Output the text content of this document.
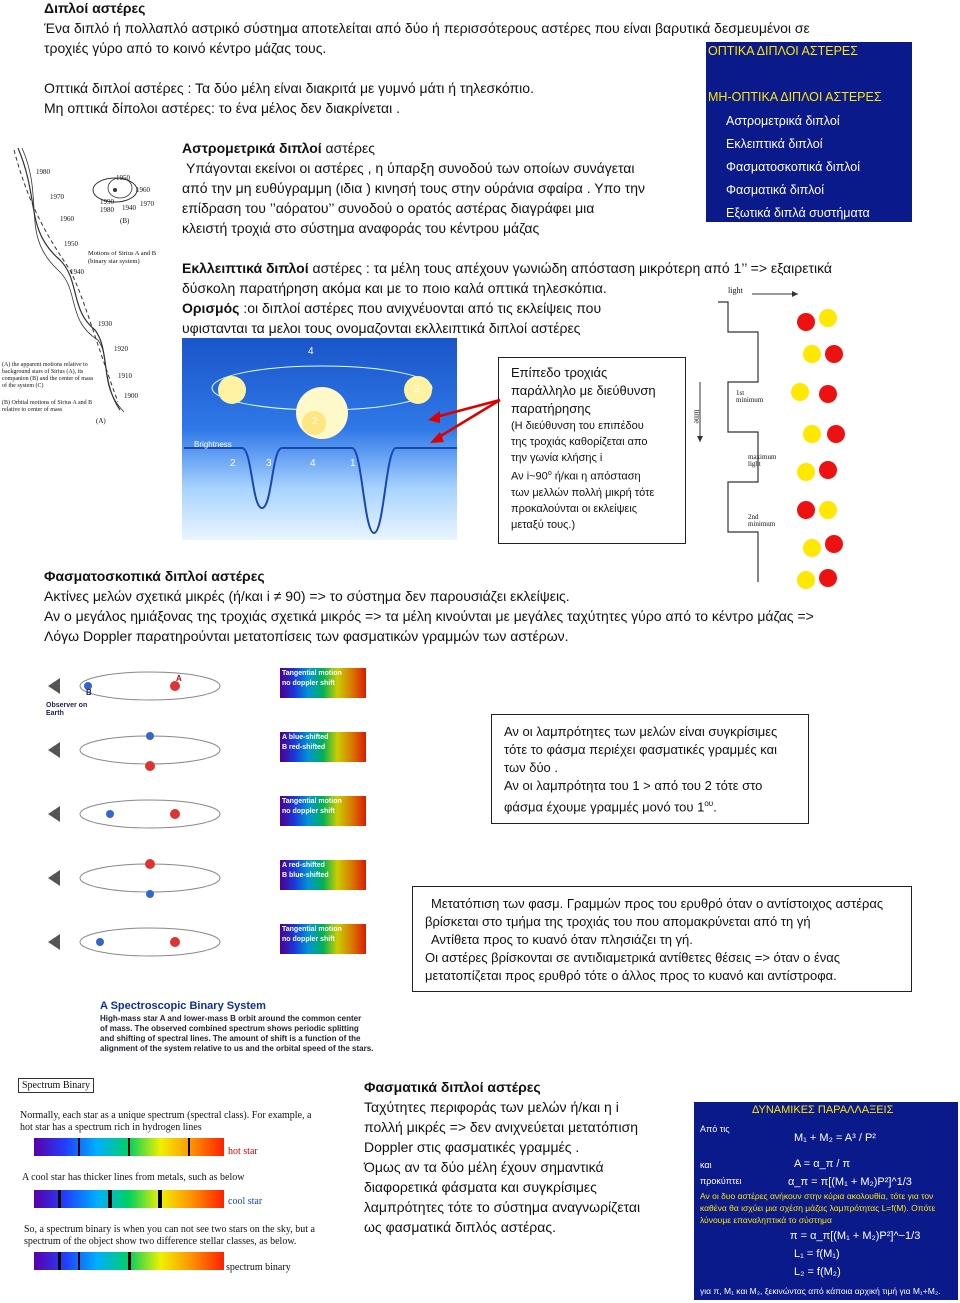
Διπλοί αστέρες
Ένα διπλό ή πολλαπλό αστρικό σύστημα αποτελείται από δύο ή περισσότερους αστέρες που είναι βαρυτικά δεσμευμένοι σε
τροχιές γύρο από το κοινό κέντρο μάζας τους.
Οπτικά διπλοί αστέρες : Τα δύο μέλη είναι διακριτά με γυμνό μάτι ή τηλεσκόπιο.
Μη οπτικά δίπολοι αστέρες: το ένα μέλος δεν διακρίνεται .
ΟΠΤΙΚΑ ΔΙΠΛΟΙ ΑΣΤΕΡΕΣ
ΜΗ-ΟΠΤΙΚΑ ΔΙΠΛΟΙ ΑΣΤΕΡΕΣ
Αστρομετρικά διπλοί
Εκλειπτικά διπλοί
Φασματοσκοπικά διπλοί
Φασματικά διπλοί
Εξωτικά διπλά συστήματα
1980
1970
1960
1950
1940
1930
1920
1910
1900
1950
1960
1990	1970
1980 1940
Motions of Sirius A and B (binary star system)
(A) the apparent motions relative to background stars of Sirius (A), its companion (B) and the center of mass of the system (C)
(B) Orbital motions of Sirius A and B relative to center of mass
(A)
(B)
Αστρομετρικά διπλοί αστέρες
Υπάγονται εκείνοι οι αστέρες , η ύπαρξη συνοδού των οποίων συνάγεται
από την μη ευθύγραμμη (ιδια ) κινησή τους στην ούράνια σφαίρα . Υπο την
επίδραση του ’’αόρατου’’ συνοδού ο ορατός αστέρας διαγράφει μια
κλειστή τροχιά στο σύστημα αναφοράς του κέντρου μάζας
Εκλλειπτικά διπλοί αστέρες : τα μέλη τους απέχουν γωνιώδη απόσταση μικρότερη από 1’’ => εξαιρετικά
δύσκολη παρατήρηση ακόμα και με το ποιο καλά οπτικά τηλεσκόπια.
Ορισμός :οι διπλοί αστέρες που ανιχνέυονται από τις εκλείψεις που
υφιστανται τα μελοι τους ονομαζονται εκλλειπτικά διπλοί αστέρες
Brightness
4
2
3
2	3	4	1
Επίπεδο τροχιάς
παράλληλο με διεύθυνση
παρατήρησης
(Η διεύθυνση του επιπέδου
της τροχιάς καθορίζεται απο
την γωνία κλήσης i
Αν $i\sim 90^o$ ή/και η απόσταση
των μελλών πολλή μικρή τότε
προκαλούνται οι εκλείψεις
μεταξύ τους.)
light
time
1st minimum
maximum light
2nd minimum
Φασματοσκοπικά διπλοί αστέρες
Ακτίνες μελών σχετικά μικρές (ή/και i ≠ 90) => το σύστημα δεν παρουσιάζει εκλείψεις.
Αν ο μεγάλος ημιάξονας της τροχιάς σχετικά μικρός => τα μέλη κινούνται με μεγάλες ταχύτητες γύρο από το κέντρο μάζας =>
Λόγω Doppler παρατηρούνται μετατοπίσεις των φασματικών γραμμών των αστέρων.
Observer on Earth
Tangential motion
no doppler shift
A blue-shifted
B red-shifted
Tangential motion
no doppler shift
A red-shifted
B blue-shifted
Tangential motion
no doppler shift
A
B
A Spectroscopic Binary System
High-mass star A and lower-mass B orbit around the common center
of mass. The observed combined spectrum shows periodic splitting
and shifting of spectral lines. The amount of shift is a function of the
alignment of the system relative to us and the orbital speed of the stars.
Αν οι λαμπρότητες των μελών είναι συγκρίσιμες
τότε το φάσμα περιέχει φασματικές γραμμές και
των δύο .
Αν οι λαμπρότητα του 1 > από του 2 τότε στο
φάσμα έχουμε γραμμές μονό του $1^{o\upsilon}$.
Μετατόπιση των φασμ. Γραμμών προς του ερυθρό όταν ο αντίστοιχος αστέρας
βρίσκεται στο τμήμα της τροχιάς του που απομακρύνεται από τη γή
Αντίθετα προς το κυανό όταν πλησιάζει τη γή.
Οι αστέρες βρίσκονται σε αντιδιαμετρικά αντίθετες θέσεις => όταν ο ένας
μετατοπίζεται προς ερυθρό τότε ο άλλος προς το κυανό και αντίστροφα.
Spectrum Binary
Normally, each star as a unique spectrum (spectral class). For example, a
hot star has a spectrum rich in hydrogen lines
hot star
A cool star has thicker lines from metals, such as below
cool star
So, a spectrum binary is when you can not see two stars on the sky, but a
spectrum of the object show two difference stellar classes, as below.
spectrum binary
Φασματικά διπλοί αστέρες
Ταχύτητες περιφοράς των μελών ή/και η i
πολλή μικρές => δεν ανιχνεύεται μετατόπιση
Doppler στις φασματικές γραμμές .
Όμως αν τα δύο μέλη έχουν σημαντικά
διαφορετικά φάσματα και συγκρίσιμες
λαμπρότητες τότε το σύστημα αναγνωρίζεται
ως φασματικά διπλός αστέρας.
ΔΥΝΑΜΙΚΕΣ ΠΑΡΑΛΛΑΞΕΙΣ
Από τις
και
προκύπτει
M₁ + M₂ = A³ / P²
A = α_π / π
α_π = π[(M₁ + M₂)P²]^1/3
Αν οι δυο αστέρες ανήκουν στην κύρια ακολουθία, τότε για τον καθένα θα ισχύει μια σχέση μάζας λαμπρότητας L=f(M). Οπότε λύνουμε επαναληπτικά το σύστημα
π = α_π[(M₁ + M₂)P²]^−1/3
L₁ = f(M₁)
L₂ = f(M₂)
για π, M₁ και M₂, ξεκινώντας από κάποια αρχική τιμή για M₁+M₂.
